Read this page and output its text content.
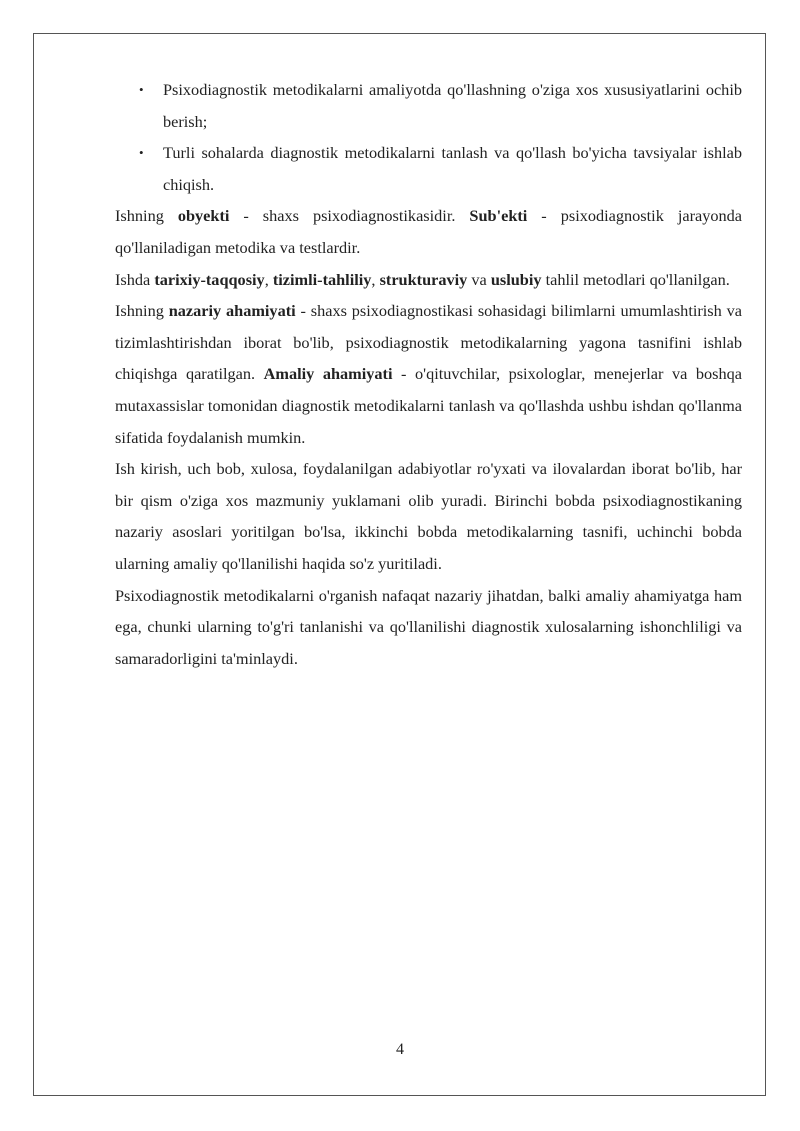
• Psixodiagnostik metodikalarni amaliyotda qo'llashning o'ziga xos xususiyatlarini ochib berish;
• Turli sohalarda diagnostik metodikalarni tanlash va qo'llash bo'yicha tavsiyalar ishlab chiqish.

Ishning obyekti - shaxs psixodiagnostikasidir. Sub'ekti - psixodiagnostik jarayonda qo'llaniladigan metodika va testlardir.

Ishda tarixiy-taqqosiy, tizimli-tahliliy, strukturaviy va uslubiy tahlil metodlari qo'llanilgan.

Ishning nazariy ahamiyati - shaxs psixodiagnostikasi sohasidagi bilimlarni umumlashtirish va tizimlashtirishdan iborat bo'lib, psixodiagnostik metodikalarning yagona tasnifini ishlab chiqishga qaratilgan. Amaliy ahamiyati - o'qituvchilar, psixologlar, menejerlar va boshqa mutaxassislar tomonidan diagnostik metodikalarni tanlash va qo'llashda ushbu ishdan qo'llanma sifatida foydalanish mumkin.

Ish kirish, uch bob, xulosa, foydalanilgan adabiyotlar ro'yxati va ilovalardan iborat bo'lib, har bir qism o'ziga xos mazmuniy yuklamani olib yuradi. Birinchi bobda psixodiagnostikaning nazariy asoslari yoritilgan bo'lsa, ikkinchi bobda metodikalarning tasnifi, uchinchi bobda ularning amaliy qo'llanilishi haqida so'z yuritiladi.

Psixodiagnostik metodikalarni o'rganish nafaqat nazariy jihatdan, balki amaliy ahamiyatga ham ega, chunki ularning to'g'ri tanlanishi va qo'llanilishi diagnostik xulosalarning ishonchliligi va samaradorligini ta'minlaydi.

4
